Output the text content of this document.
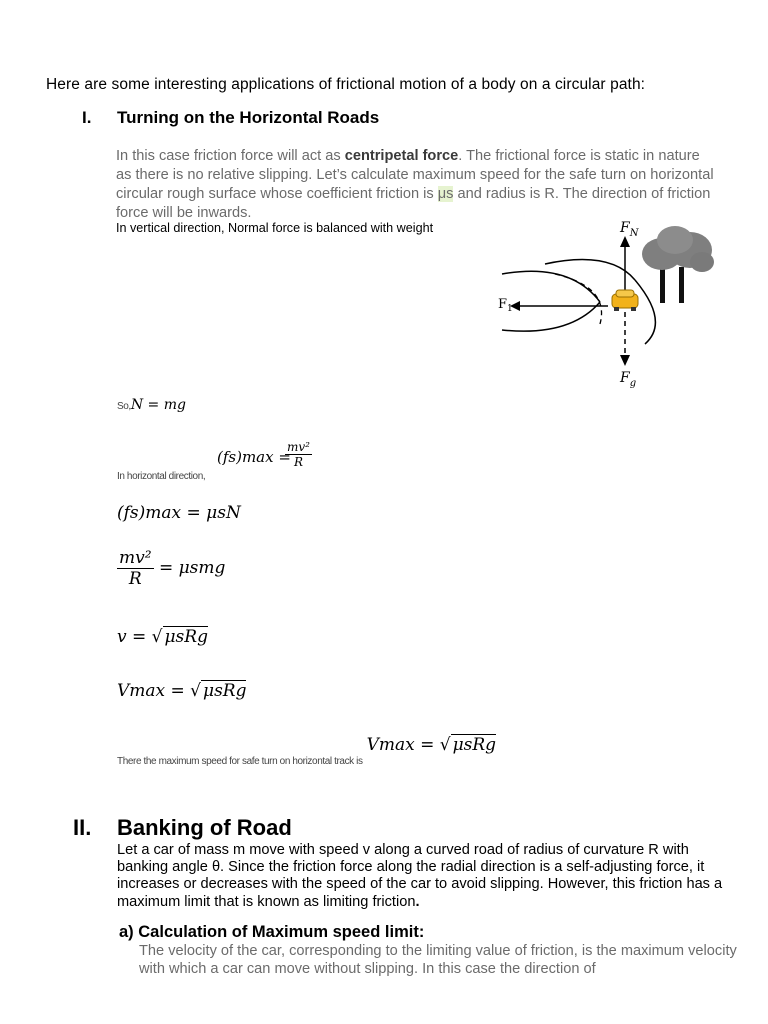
Here are some interesting applications of frictional motion of a body on a circular path:
I. Turning on the Horizontal Roads
In this case friction force will act as centripetal force. The frictional force is static in nature as there is no relative slipping. Let’s calculate maximum speed for the safe turn on horizontal circular rough surface whose coefficient friction is μs and radius is R. The direction of friction force will be inwards.
In vertical direction, Normal force is balanced with weight	$F_N$
$F_1$
$F_g$
So,N = mg
$_{In horizontal direction,}$
(fs)max =
$\frac{\text{mv²}}{R}$
(fs)max = μsN
$\frac{\text{mv²}}{R} = \mu smg$
v = √ μsRg
Vmax = √ μsRg
$_{There the maximum speed for safe turn on horizontal track is}$ Vmax = √ μsRg
II. Banking of Road
Let a car of mass m move with speed v along a curved road of radius of curvature R with banking angle θ. Since the friction force along the radial direction is a self-adjusting force, it increases or decreases with the speed of the car to avoid slipping. However, this friction has a maximum limit that is known as limiting friction.
a) Calculation of Maximum speed limit:
The velocity of the car, corresponding to the limiting value of friction, is the maximum velocity with which a car can move without slipping. In this case the direction of
